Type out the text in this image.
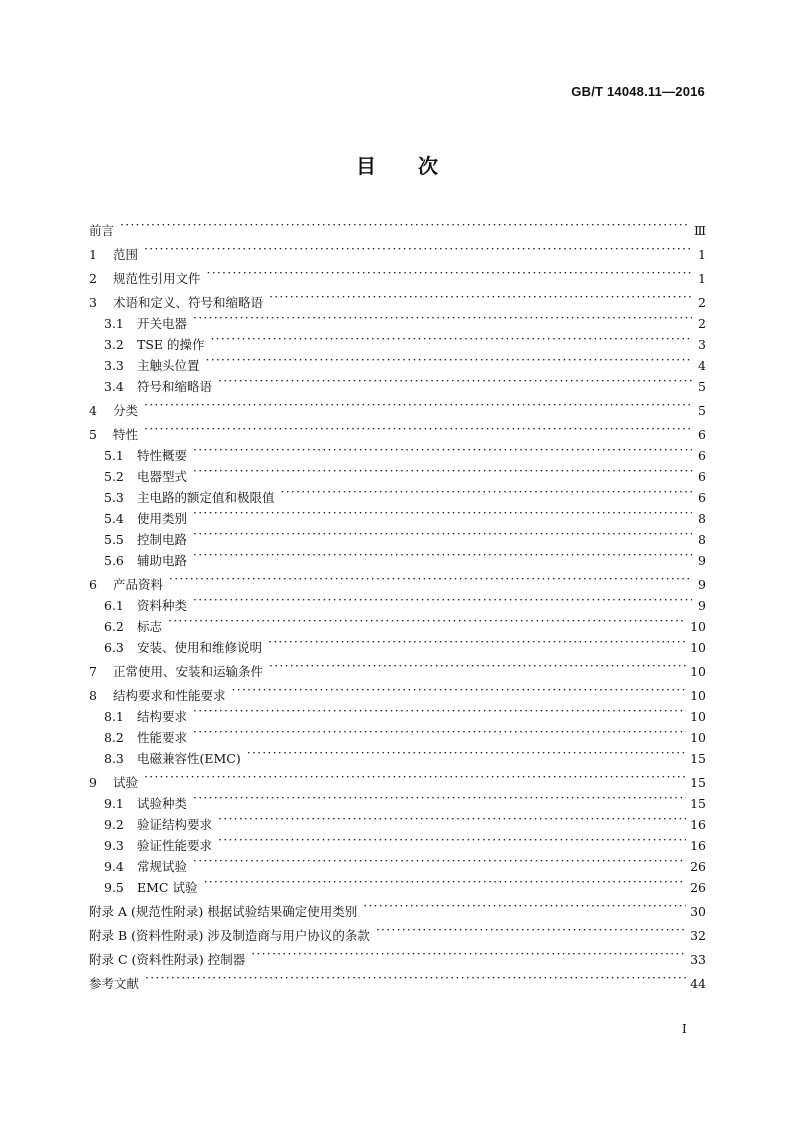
GB/T 14048.11—2016
目 次
前言 ·····	Ⅲ
1	范围 ·····	1
2	规范性引用文件 ·····	1
3	术语和定义、符号和缩略语 ·····	2
3.1	开关电器 ·····	2
3.2	TSE 的操作 ·····	3
3.3	主触头位置 ·····	4
3.4	符号和缩略语 ·····	5
4	分类 ·····	5
5	特性 ·····	6
5.1	特性概要 ·····	6
5.2	电器型式 ·····	6
5.3	主电路的额定值和极限值 ·····	6
5.4	使用类别 ·····	8
5.5	控制电路 ·····	8
5.6	辅助电路 ·····	9
6	产品资料 ·····	9
6.1	资料种类 ·····	9
6.2	标志 ·····	10
6.3	安装、使用和维修说明 ·····	10
7	正常使用、安装和运输条件 ·····	10
8	结构要求和性能要求 ·····	10
8.1	结构要求 ·····	10
8.2	性能要求 ·····	10
8.3	电磁兼容性(EMC) ·····	15
9	试验 ·····	15
9.1	试验种类 ·····	15
9.2	验证结构要求 ·····	16
9.3	验证性能要求 ·····	16
9.4	常规试验 ·····	26
9.5	EMC 试验 ·····	26
附录 A (规范性附录) 根据试验结果确定使用类别 ·····	30
附录 B (资料性附录) 涉及制造商与用户协议的条款 ·····	32
附录 C (资料性附录) 控制器 ·····	33
参考文献 ·····	44
I
